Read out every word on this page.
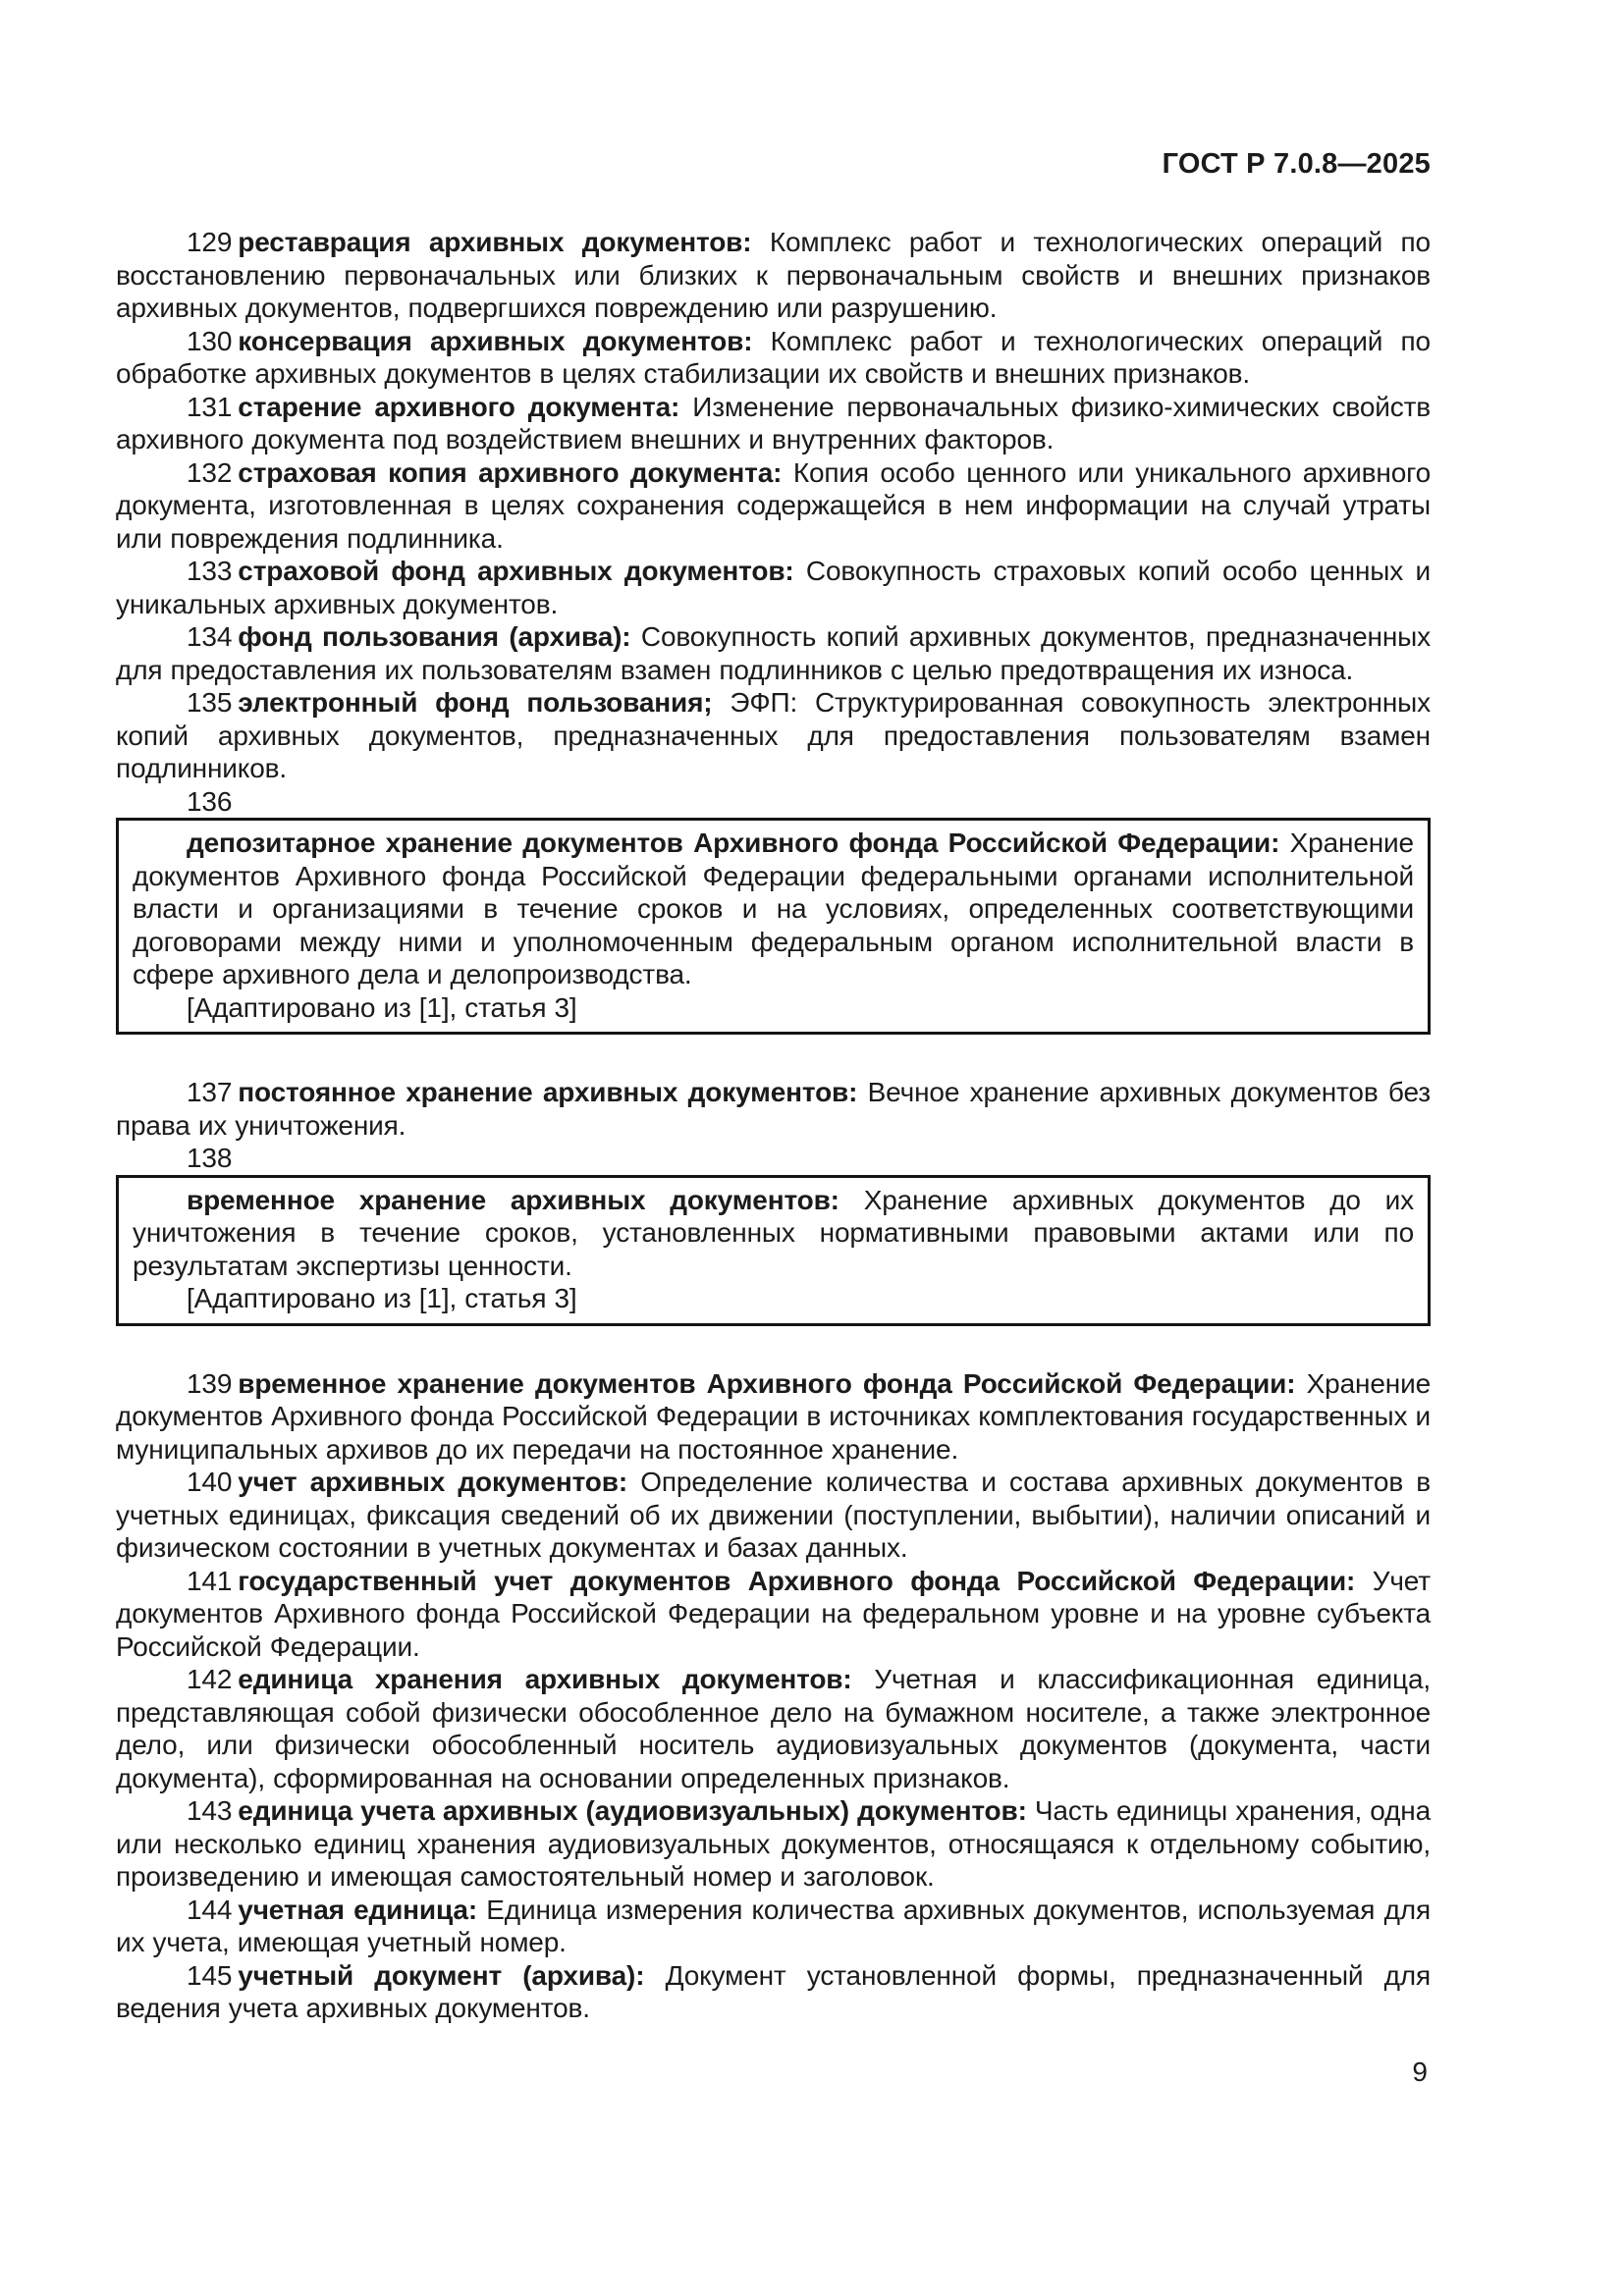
ГОСТ Р 7.0.8—2025

129 реставрация архивных документов: Комплекс работ и технологических операций по восстановлению первоначальных или близких к первоначальным свойств и внешних признаков архивных документов, подвергшихся повреждению или разрушению.

130 консервация архивных документов: Комплекс работ и технологических операций по обработке архивных документов в целях стабилизации их свойств и внешних признаков.

131 старение архивного документа: Изменение первоначальных физико-химических свойств архивного документа под воздействием внешних и внутренних факторов.

132 страховая копия архивного документа: Копия особо ценного или уникального архивного документа, изготовленная в целях сохранения содержащейся в нем информации на случай утраты или повреждения подлинника.

133 страховой фонд архивных документов: Совокупность страховых копий особо ценных и уникальных архивных документов.

134 фонд пользования (архива): Совокупность копий архивных документов, предназначенных для предоставления их пользователям взамен подлинников с целью предотвращения их износа.

135 электронный фонд пользования; ЭФП: Структурированная совокупность электронных копий архивных документов, предназначенных для предоставления пользователям взамен подлинников.

136

депозитарное хранение документов Архивного фонда Российской Федерации: Хранение документов Архивного фонда Российской Федерации федеральными органами исполнительной власти и организациями в течение сроков и на условиях, определенных соответствующими договорами между ними и уполномоченным федеральным органом исполнительной власти в сфере архивного дела и делопроизводства.

[Адаптировано из [1], статья 3]

137 постоянное хранение архивных документов: Вечное хранение архивных документов без права их уничтожения.

138

временное хранение архивных документов: Хранение архивных документов до их уничтожения в течение сроков, установленных нормативными правовыми актами или по результатам экспертизы ценности.

[Адаптировано из [1], статья 3]

139 временное хранение документов Архивного фонда Российской Федерации: Хранение документов Архивного фонда Российской Федерации в источниках комплектования государственных и муниципальных архивов до их передачи на постоянное хранение.

140 учет архивных документов: Определение количества и состава архивных документов в учетных единицах, фиксация сведений об их движении (поступлении, выбытии), наличии описаний и физическом состоянии в учетных документах и базах данных.

141 государственный учет документов Архивного фонда Российской Федерации: Учет документов Архивного фонда Российской Федерации на федеральном уровне и на уровне субъекта Российской Федерации.

142 единица хранения архивных документов: Учетная и классификационная единица, представляющая собой физически обособленное дело на бумажном носителе, а также электронное дело, или физически обособленный носитель аудиовизуальных документов (документа, части документа), сформированная на основании определенных признаков.

143 единица учета архивных (аудиовизуальных) документов: Часть единицы хранения, одна или несколько единиц хранения аудиовизуальных документов, относящаяся к отдельному событию, произведению и имеющая самостоятельный номер и заголовок.

144 учетная единица: Единица измерения количества архивных документов, используемая для их учета, имеющая учетный номер.

145 учетный документ (архива): Документ установленной формы, предназначенный для ведения учета архивных документов.

9
